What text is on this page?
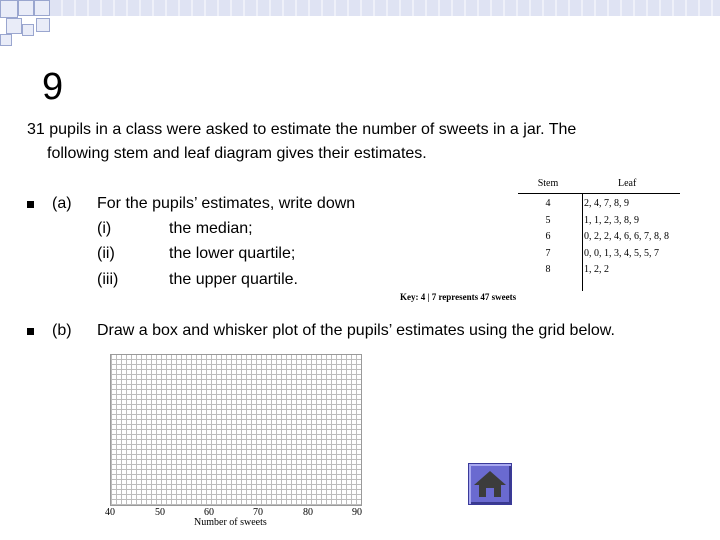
9
31 pupils in a class were asked to estimate the number of sweets in a jar. The
following stem and leaf diagram gives their estimates.
(a) For the pupils’ estimates, write down
(i)	the median;
(ii)	the lower quartile;
(iii)	the upper quartile.
(b) Draw a box and whisker plot of the pupils’ estimates using the grid below.
Stem	Leaf
4	2, 4, 7, 8, 9
5	1, 1, 2, 3, 8, 9
6	0, 2, 2, 4, 6, 6, 7, 8, 8
7	0, 0, 1, 3, 4, 5, 5, 7
8	1, 2, 2
Key: 4 | 7 represents 47 sweets
40	50	60	70	80	90
Number of sweets
